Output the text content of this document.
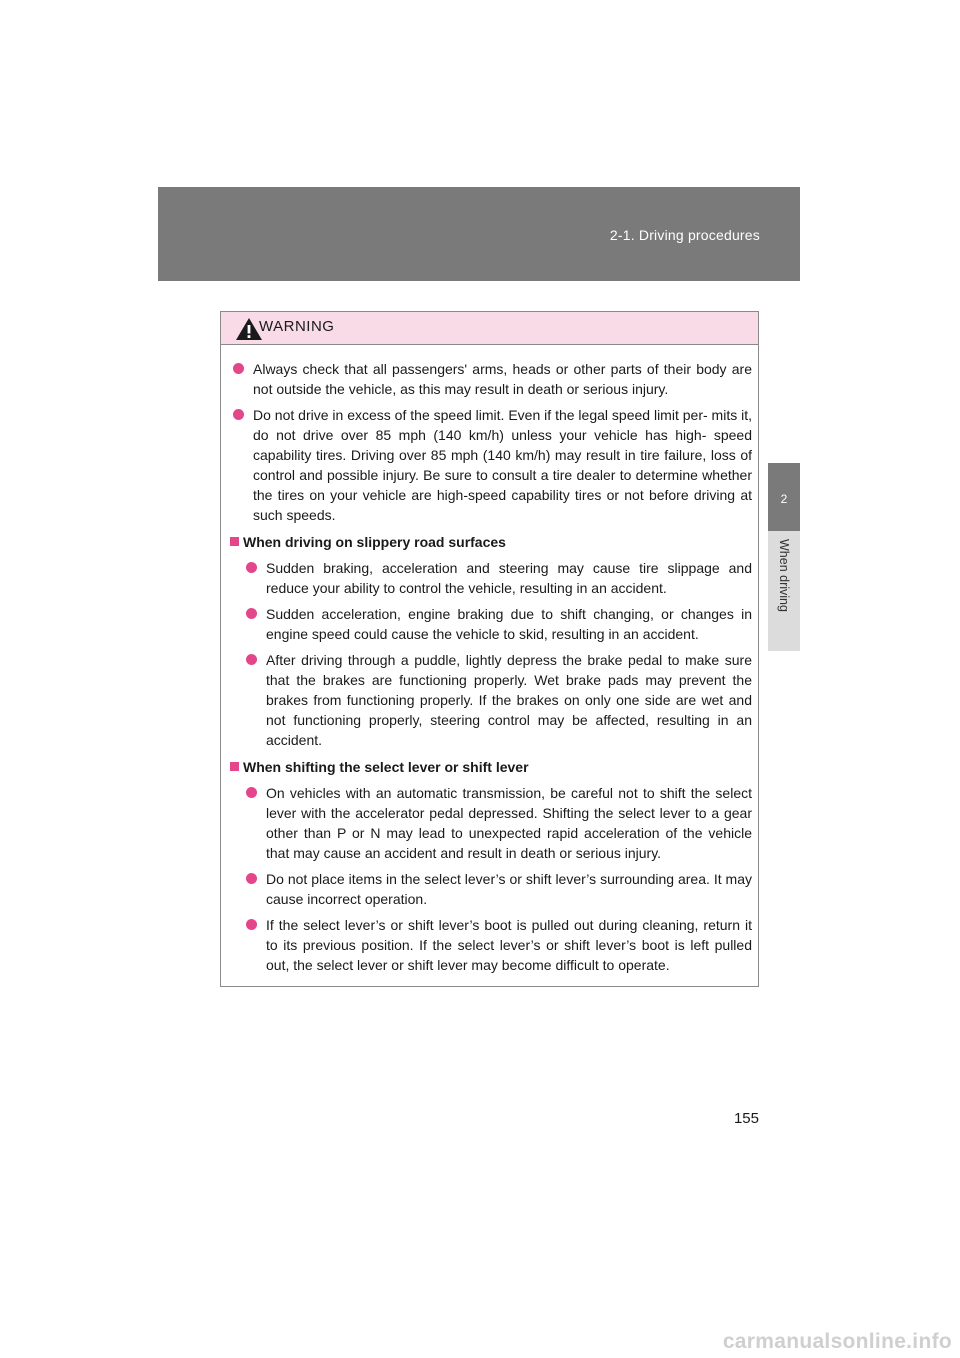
2-1. Driving procedures
2
When driving
WARNING
Always check that all passengers' arms, heads or other parts of their body are not outside the vehicle, as this may result in death or serious injury.
Do not drive in excess of the speed limit. Even if the legal speed limit per- mits it, do not drive over 85 mph (140 km/h) unless your vehicle has high- speed capability tires. Driving over 85 mph (140 km/h) may result in tire failure, loss of control and possible injury. Be sure to consult a tire dealer to determine whether the tires on your vehicle are high-speed capability tires or not before driving at such speeds.
When driving on slippery road surfaces
Sudden braking, acceleration and steering may cause tire slippage and reduce your ability to control the vehicle, resulting in an accident.
Sudden acceleration, engine braking due to shift changing, or changes in engine speed could cause the vehicle to skid, resulting in an accident.
After driving through a puddle, lightly depress the brake pedal to make sure that the brakes are functioning properly. Wet brake pads may prevent the brakes from functioning properly. If the brakes on only one side are wet and not functioning properly, steering control may be affected, resulting in an accident.
When shifting the select lever or shift lever
On vehicles with an automatic transmission, be careful not to shift the select lever with the accelerator pedal depressed. Shifting the select lever to a gear other than P or N may lead to unexpected rapid acceleration of the vehicle that may cause an accident and result in death or serious injury.
Do not place items in the select lever’s or shift lever’s surrounding area. It may cause incorrect operation.
If the select lever’s or shift lever’s boot is pulled out during cleaning, return it to its previous position. If the select lever’s or shift lever’s boot is left pulled out, the select lever or shift lever may become difficult to operate.
155
carmanualsonline.info
